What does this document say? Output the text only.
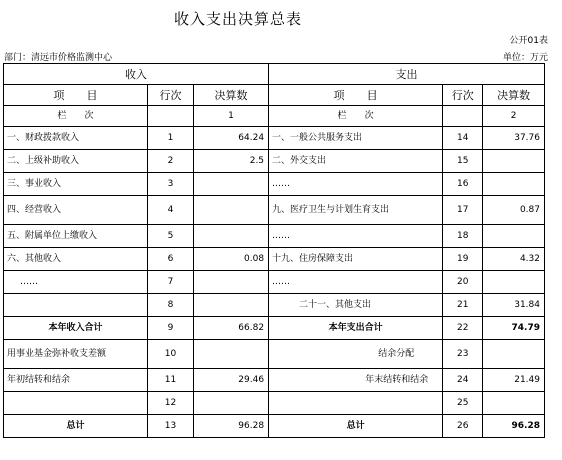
收入支出决算总表
公开01表
部门：清远市价格监测中心	单位：万元
收入			支出		
项　　目	行次	决算数	项　　目	行次	决算数
栏　　次		1	栏　　次		2
一、财政拨款收入	1	64.24	一、一般公共服务支出	14	37.76
二、上级补助收入	2	2.5	二、外交支出	15	
三、事业收入	3		……	16	
四、经营收入	4		九、医疗卫生与计划生育支出	17	0.87
五、附属单位上缴收入	5		……	18	
六、其他收入	6	0.08	十九、住房保障支出	19	4.32
……	7		……	20	
	8		二十一、其他支出	21	31.84
本年收入合计	9	66.82	本年支出合计	22	74.79
用事业基金弥补收支差额	10		结余分配	23	
年初结转和结余	11	29.46	年末结转和结余	24	21.49
	12			25	
总计	13	96.28	总计	26	96.28
